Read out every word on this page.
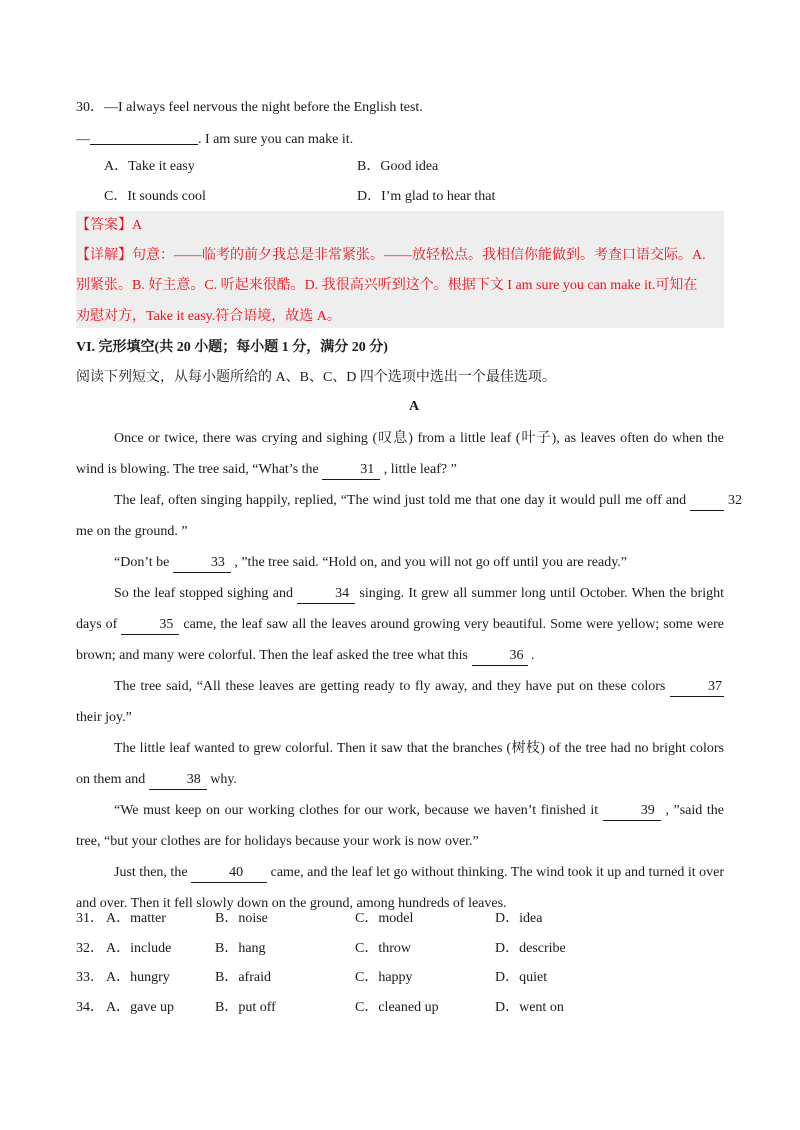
30．—I always feel nervous the night before the English test.
—	. I am sure you can make it.
A．Take it easy	B．Good idea
C．It sounds cool	D．I’m glad to hear that
【答案】A
【详解】句意：——临考的前夕我总是非常紧张。——放轻松点。我相信你能做到。考查口语交际。A.
别紧张。B. 好主意。C. 听起来很酷。D. 我很高兴听到这个。根据下文 I am sure you can make it.可知在
劝慰对方，Take it easy.符合语境，故选 A。
VI. 完形填空(共 20 小题；每小题 1 分，满分 20 分)
阅读下列短文，从每小题所给的 A、B、C、D 四个选项中选出一个最佳选项。
A
Once or twice, there was crying and sighing (叹息) from a little leaf (叶子), as leaves often do when the wind is blowing. The tree said, “What’s the	31 , little leaf? ”
The leaf, often singing happily, replied, “The wind just told me that one day it would pull me off and	32 me on the ground. ”
“Don’t be	33 , ”the tree said. “Hold on, and you will not go off until you are ready.”
So the leaf stopped sighing and	34 singing. It grew all summer long until October. When the bright days of	35 came, the leaf saw all the leaves around growing very beautiful. Some were yellow; some were brown; and many were colorful. Then the leaf asked the tree what this	36 .
The tree said, “All these leaves are getting ready to fly away, and they have put on these colors	37 their joy.”
The little leaf wanted to grew colorful. Then it saw that the branches (树枝) of the tree had no bright colors on them and	38 why.
“We must keep on our working clothes for our work, because we haven’t finished it	39 , ”said the tree, “but your clothes are for holidays because your work is now over.”
Just then, the	40 came, and the leaf let go without thinking. The wind took it up and turned it over and over. Then it fell slowly down on the ground, among hundreds of leaves.
31． A．matter	B．noise	C．model	D．idea
32． A．include	B．hang	C．throw	D．describe
33． A．hungry	B．afraid	C．happy	D．quiet
34． A．gave up	B．put off	C．cleaned up	D．went on
